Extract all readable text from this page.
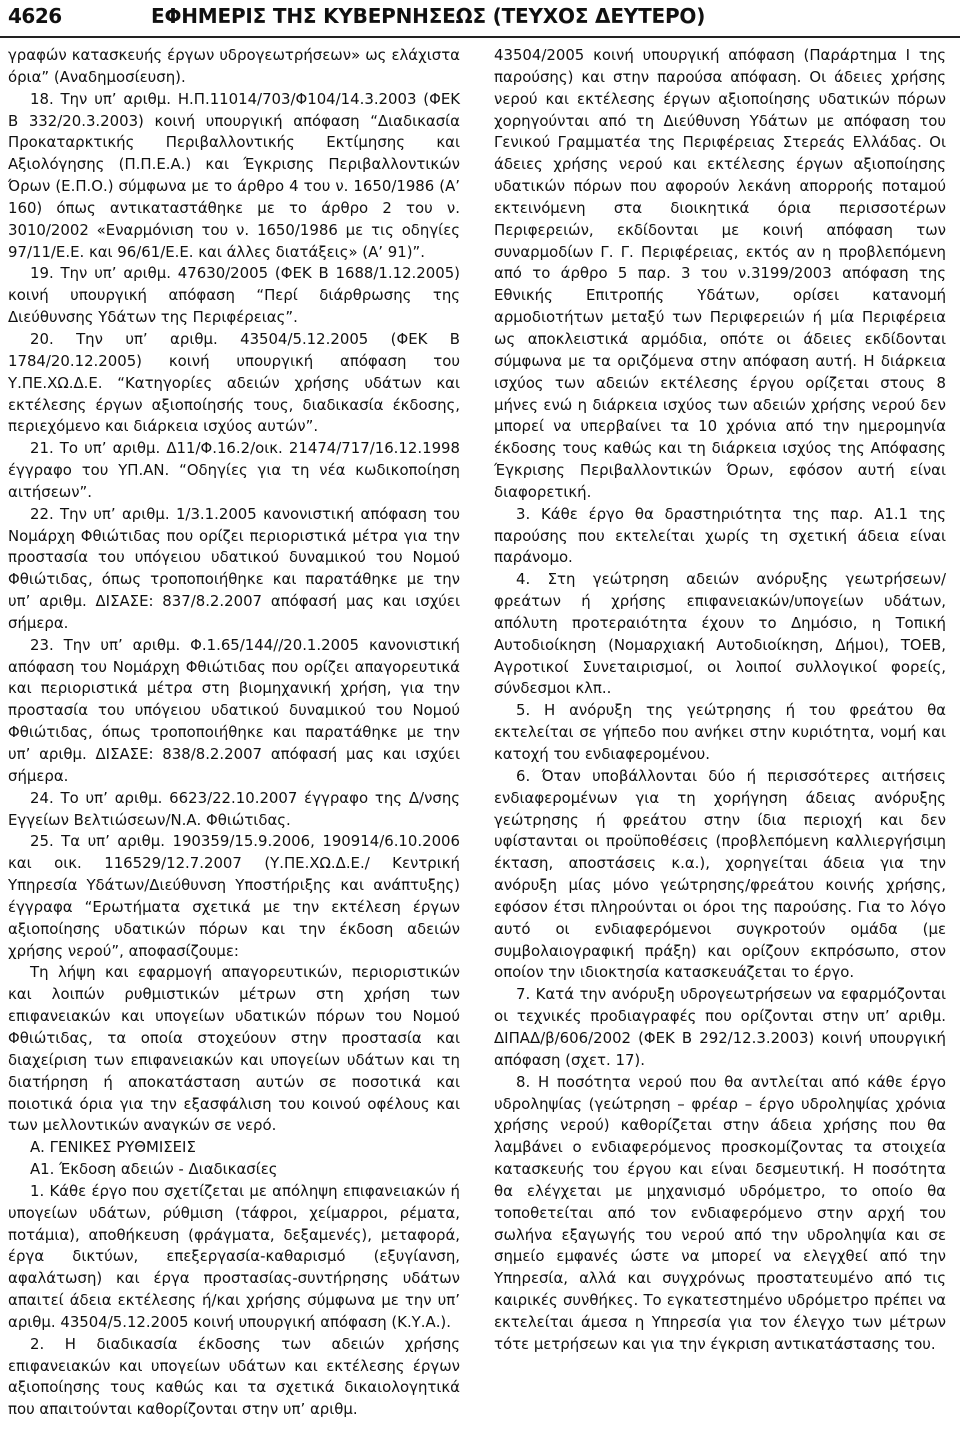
4626	ΕΦΗΜΕΡΙΣ ΤΗΣ ΚΥΒΕΡΝΗΣΕΩΣ (ΤΕΥΧΟΣ ΔΕΥΤΕΡΟ)

γραφών κατασκευής έργων υδρογεωτρήσεων» ως ελάχιστα όρια” (Αναδημοσίευση).

18. Την υπ’ αριθμ. Η.Π.11014/703/Φ104/14.3.2003 (ΦΕΚ Β 332/20.3.2003) κοινή υπουργική απόφαση “Διαδικασία Προκαταρκτικής Περιβαλλοντικής Εκτίμησης και Αξιολόγησης (Π.Π.Ε.Α.) και Έγκρισης Περιβαλλοντικών Όρων (Ε.Π.Ο.) σύμφωνα με το άρθρο 4 του ν. 1650/1986 (Α’ 160) όπως αντικαταστάθηκε με το άρθρο 2 του ν. 3010/2002 «Εναρμόνιση του ν. 1650/1986 με τις οδηγίες 97/11/Ε.Ε. και 96/61/Ε.Ε. και άλλες διατάξεις» (Α’ 91)”.

19. Την υπ’ αριθμ. 47630/2005 (ΦΕΚ Β 1688/1.12.2005) κοινή υπουργική απόφαση “Περί διάρθρωσης της Διεύθυνσης Υδάτων της Περιφέρειας”.

20. Την υπ’ αριθμ. 43504/5.12.2005 (ΦΕΚ Β 1784/20.12.2005) κοινή υπουργική απόφαση του Υ.ΠΕ.ΧΩ.Δ.Ε. “Κατηγορίες αδειών χρήσης υδάτων και εκτέλεσης έργων αξιοποίησής τους, διαδικασία έκδοσης, περιεχόμενο και διάρκεια ισχύος αυτών”.

21. Το υπ’ αριθμ. Δ11/Φ.16.2/οικ. 21474/717/16.12.1998 έγγραφο του ΥΠ.ΑΝ. “Οδηγίες για τη νέα κωδικοποίηση αιτήσεων”.

22. Την υπ’ αριθμ. 1/3.1.2005 κανονιστική απόφαση του Νομάρχη Φθιώτιδας που ορίζει περιοριστικά μέτρα για την προστασία του υπόγειου υδατικού δυναμικού του Νομού Φθιώτιδας, όπως τροποποιήθηκε και παρατάθηκε με την υπ’ αριθμ. ΔΙΣΑΣΕ: 837/8.2.2007 απόφασή μας και ισχύει σήμερα.

23. Την υπ’ αριθμ. Φ.1.65/144//20.1.2005 κανονιστική απόφαση του Νομάρχη Φθιώτιδας που ορίζει απαγορευτικά και περιοριστικά μέτρα στη βιομηχανική χρήση, για την προστασία του υπόγειου υδατικού δυναμικού του Νομού Φθιώτιδας, όπως τροποποιήθηκε και παρατάθηκε με την υπ’ αριθμ. ΔΙΣΑΣΕ: 838/8.2.2007 απόφασή μας και ισχύει σήμερα.

24. Το υπ’ αριθμ. 6623/22.10.2007 έγγραφο της Δ/νσης Εγγείων Βελτιώσεων/Ν.Α. Φθιώτιδας.

25. Τα υπ’ αριθμ. 190359/15.9.2006, 190914/6.10.2006 και οικ. 116529/12.7.2007 (Υ.ΠΕ.ΧΩ.Δ.Ε./ Κεντρική Υπηρεσία Υδάτων/Διεύθυνση Υποστήριξης και ανάπτυξης) έγγραφα “Ερωτήματα σχετικά με την εκτέλεση έργων αξιοποίησης υδατικών πόρων και την έκδοση αδειών χρήσης νερού”, αποφασίζουμε:

Τη λήψη και εφαρμογή απαγορευτικών, περιοριστικών και λοιπών ρυθμιστικών μέτρων στη χρήση των επιφανειακών και υπογείων υδατικών πόρων του Νομού Φθιώτιδας, τα οποία στοχεύουν στην προστασία και διαχείριση των επιφανειακών και υπογείων υδάτων και τη διατήρηση ή αποκατάσταση αυτών σε ποσοτικά και ποιοτικά όρια για την εξασφάλιση του κοινού οφέλους και των μελλοντικών αναγκών σε νερό.

Α. ΓΕΝΙΚΕΣ ΡΥΘΜΙΣΕΙΣ

Α1. Έκδοση αδειών - Διαδικασίες

1. Κάθε έργο που σχετίζεται με απόληψη επιφανειακών ή υπογείων υδάτων, ρύθμιση (τάφροι, χείμαρροι, ρέματα, ποτάμια), αποθήκευση (φράγματα, δεξαμενές), μεταφορά, έργα δικτύων, επεξεργασία-καθαρισμό (εξυγίανση, αφαλάτωση) και έργα προστασίας-συντήρησης υδάτων απαιτεί άδεια εκτέλεσης ή/και χρήσης σύμφωνα με την υπ’ αριθμ. 43504/5.12.2005 κοινή υπουργική απόφαση (Κ.Υ.Α.).

2. Η διαδικασία έκδοσης των αδειών χρήσης επιφανειακών και υπογείων υδάτων και εκτέλεσης έργων αξιοποίησης τους καθώς και τα σχετικά δικαιολογητικά που απαιτούνται καθορίζονται στην υπ’ αριθμ.

43504/2005 κοινή υπουργική απόφαση (Παράρτημα Ι της παρούσης) και στην παρούσα απόφαση. Οι άδειες χρήσης νερού και εκτέλεσης έργων αξιοποίησης υδατικών πόρων χορηγούνται από τη Διεύθυνση Υδάτων με απόφαση του Γενικού Γραμματέα της Περιφέρειας Στερεάς Ελλάδας. Οι άδειες χρήσης νερού και εκτέλεσης έργων αξιοποίησης υδατικών πόρων που αφορούν λεκάνη απορροής ποταμού εκτεινόμενη στα διοικητικά όρια περισσοτέρων Περιφερειών, εκδίδονται με κοινή απόφαση των συναρμοδίων Γ. Γ. Περιφέρειας, εκτός αν η προβλεπόμενη από το άρθρο 5 παρ. 3 του ν.3199/2003 απόφαση της Εθνικής Επιτροπής Υδάτων, ορίσει κατανομή αρμοδιοτήτων μεταξύ των Περιφερειών ή μία Περιφέρεια ως αποκλειστικά αρμόδια, οπότε οι άδειες εκδίδονται σύμφωνα με τα οριζόμενα στην απόφαση αυτή. Η διάρκεια ισχύος των αδειών εκτέλεσης έργου ορίζεται στους 8 μήνες ενώ η διάρκεια ισχύος των αδειών χρήσης νερού δεν μπορεί να υπερβαίνει τα 10 χρόνια από την ημερομηνία έκδοσης τους καθώς και τη διάρκεια ισχύος της Απόφασης Έγκρισης Περιβαλλοντικών Όρων, εφόσον αυτή είναι διαφορετική.

3. Κάθε έργο θα δραστηριότητα της παρ. Α1.1 της παρούσης που εκτελείται χωρίς τη σχετική άδεια είναι παράνομο.

4. Στη γεώτρηση αδειών ανόρυξης γεωτρήσεων/φρεάτων ή χρήσης επιφανειακών/υπογείων υδάτων, απόλυτη προτεραιότητα έχουν το Δημόσιο, η Τοπική Αυτοδιοίκηση (Νομαρχιακή Αυτοδιοίκηση, Δήμοι), ΤΟΕΒ, Αγροτικοί Συνεταιρισμοί, οι λοιποί συλλογικοί φορείς, σύνδεσμοι κλπ..

5. Η ανόρυξη της γεώτρησης ή του φρεάτου θα εκτελείται σε γήπεδο που ανήκει στην κυριότητα, νομή και κατοχή του ενδιαφερομένου.

6. Όταν υποβάλλονται δύο ή περισσότερες αιτήσεις ενδιαφερομένων για τη χορήγηση άδειας ανόρυξης γεώτρησης ή φρεάτου στην ίδια περιοχή και δεν υφίστανται οι προϋποθέσεις (προβλεπόμενη καλλιεργήσιμη έκταση, αποστάσεις κ.α.), χορηγείται άδεια για την ανόρυξη μίας μόνο γεώτρησης/φρεάτου κοινής χρήσης, εφόσον έτσι πληρούνται οι όροι της παρούσης. Για το λόγο αυτό οι ενδιαφερόμενοι συγκροτούν ομάδα (με συμβολαιογραφική πράξη) και ορίζουν εκπρόσωπο, στον οποίον την ιδιοκτησία κατασκευάζεται το έργο.

7. Κατά την ανόρυξη υδρογεωτρήσεων να εφαρμόζονται οι τεχνικές προδιαγραφές που ορίζονται στην υπ’ αριθμ. ΔΙΠΑΔ/β/606/2002 (ΦΕΚ Β 292/12.3.2003) κοινή υπουργική απόφαση (σχετ. 17).

8. Η ποσότητα νερού που θα αντλείται από κάθε έργο υδροληψίας (γεώτρηση – φρέαρ – έργο υδροληψίας χρόνια χρήσης νερού) καθορίζεται στην άδεια χρήσης που θα λαμβάνει ο ενδιαφερόμενος προσκομίζοντας τα στοιχεία κατασκευής του έργου και είναι δεσμευτική. Η ποσότητα θα ελέγχεται με μηχανισμό υδρόμετρο, το οποίο θα τοποθετείται από τον ενδιαφερόμενο στην αρχή του σωλήνα εξαγωγής του νερού από την υδροληψία και σε σημείο εμφανές ώστε να μπορεί να ελεγχθεί από την Υπηρεσία, αλλά και συγχρόνως προστατευμένο από τις καιρικές συνθήκες. Το εγκατεστημένο υδρόμετρο πρέπει να εκτελείται άμεσα η Υπηρεσία για τον έλεγχο των μέτρων τότε μετρήσεων και για την έγκριση αντικατάστασης του.
